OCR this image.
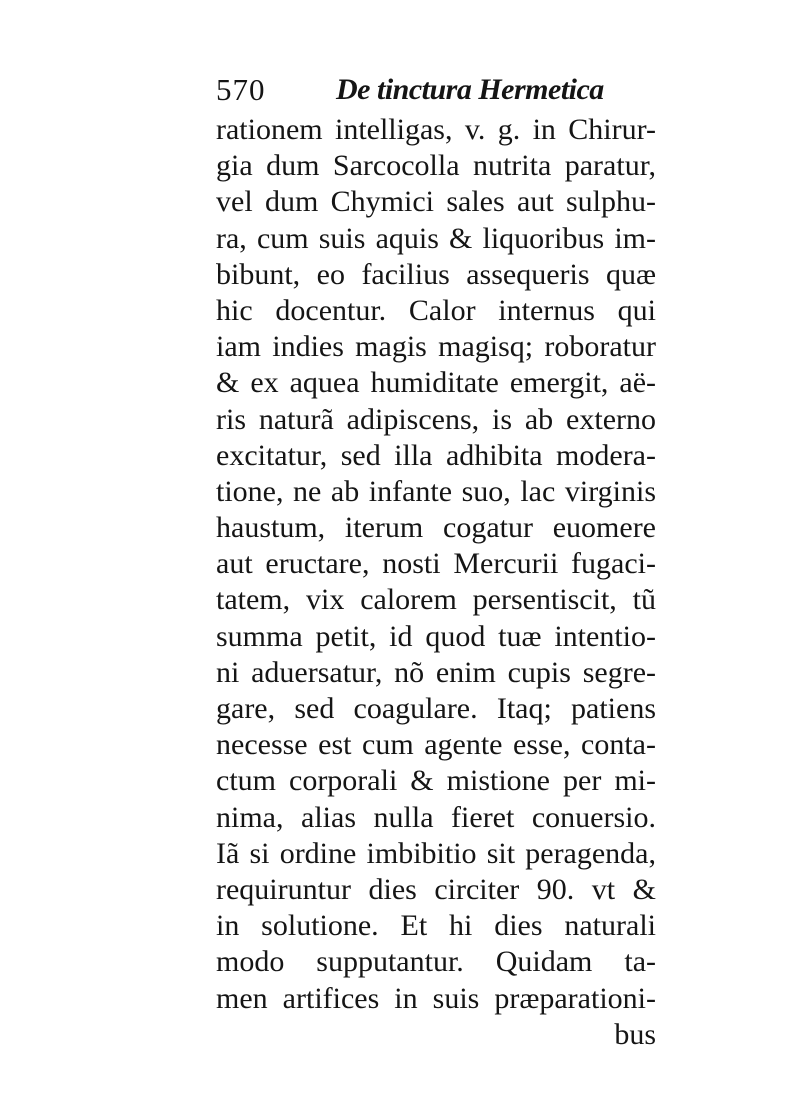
570 De tinctura Hermetica
rationem intelligas, v. g. in Chirur-
gia dum Sarcocolla nutrita paratur,
vel dum Chymici sales aut sulphu-
ra, cum suis aquis & liquoribus im-
bibunt, eo facilius assequeris quæ
hic docentur. Calor internus qui
iam indies magis magisq; roboratur
& ex aquea humiditate emergit, aë-
ris naturã adipiscens, is ab externo
excitatur, sed illa adhibita modera-
tione, ne ab infante suo, lac virginis
haustum, iterum cogatur euomere
aut eructare, nosti Mercurii fugaci-
tatem, vix calorem persentiscit, tũ
summa petit, id quod tuæ intentio-
ni aduersatur, nõ enim cupis segre-
gare, sed coagulare. Itaq; patiens
necesse est cum agente esse, conta-
ctum corporali & mistione per mi-
nima, alias nulla fieret conuersio.
Iã si ordine imbibitio sit peragenda,
requiruntur dies circiter 90. vt &
in solutione. Et hi dies naturali
modo supputantur. Quidam ta-
men artifices in suis præparationi-
bus
